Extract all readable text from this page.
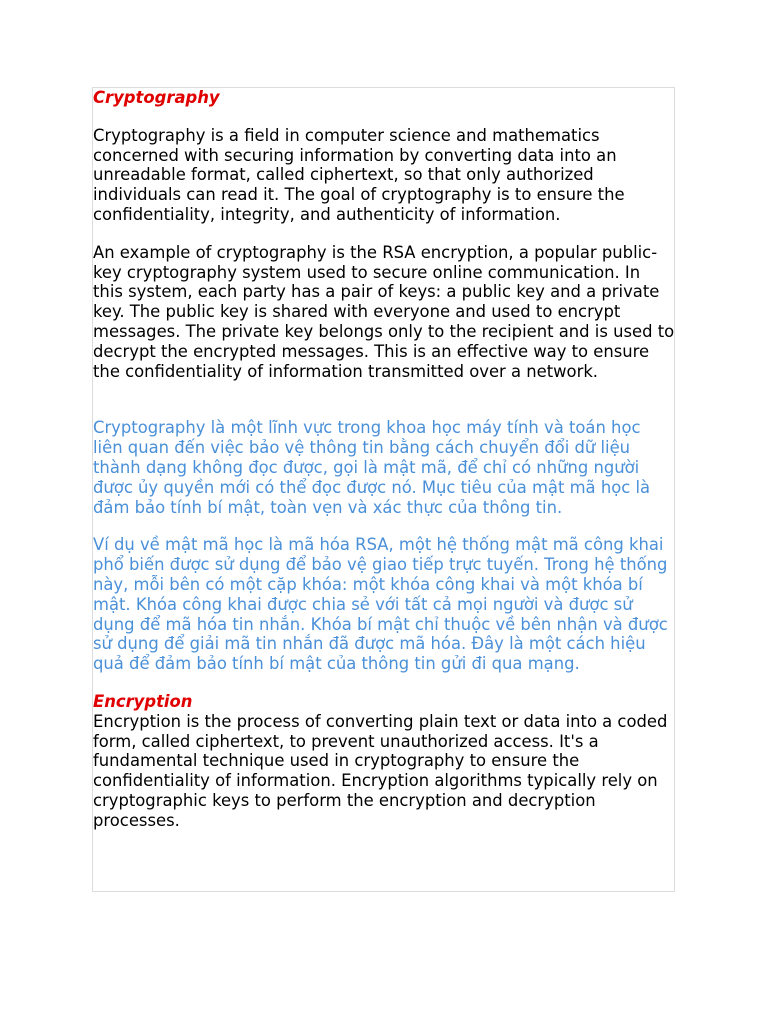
Cryptography

Cryptography is a field in computer science and mathematics concerned with securing information by converting data into an unreadable format, called ciphertext, so that only authorized individuals can read it. The goal of cryptography is to ensure the confidentiality, integrity, and authenticity of information.

An example of cryptography is the RSA encryption, a popular public-key cryptography system used to secure online communication. In this system, each party has a pair of keys: a public key and a private key. The public key is shared with everyone and used to encrypt messages. The private key belongs only to the recipient and is used to decrypt the encrypted messages. This is an effective way to ensure the confidentiality of information transmitted over a network.

Cryptography là một lĩnh vực trong khoa học máy tính và toán học liên quan đến việc bảo vệ thông tin bằng cách chuyển đổi dữ liệu thành dạng không đọc được, gọi là mật mã, để chỉ có những người được ủy quyền mới có thể đọc được nó. Mục tiêu của mật mã học là đảm bảo tính bí mật, toàn vẹn và xác thực của thông tin.

Ví dụ về mật mã học là mã hóa RSA, một hệ thống mật mã công khai phổ biến được sử dụng để bảo vệ giao tiếp trực tuyến. Trong hệ thống này, mỗi bên có một cặp khóa: một khóa công khai và một khóa bí mật. Khóa công khai được chia sẻ với tất cả mọi người và được sử dụng để mã hóa tin nhắn. Khóa bí mật chỉ thuộc về bên nhận và được sử dụng để giải mã tin nhắn đã được mã hóa. Đây là một cách hiệu quả để đảm bảo tính bí mật của thông tin gửi đi qua mạng.

Encryption

Encryption is the process of converting plain text or data into a coded form, called ciphertext, to prevent unauthorized access. It's a fundamental technique used in cryptography to ensure the confidentiality of information. Encryption algorithms typically rely on cryptographic keys to perform the encryption and decryption processes.
